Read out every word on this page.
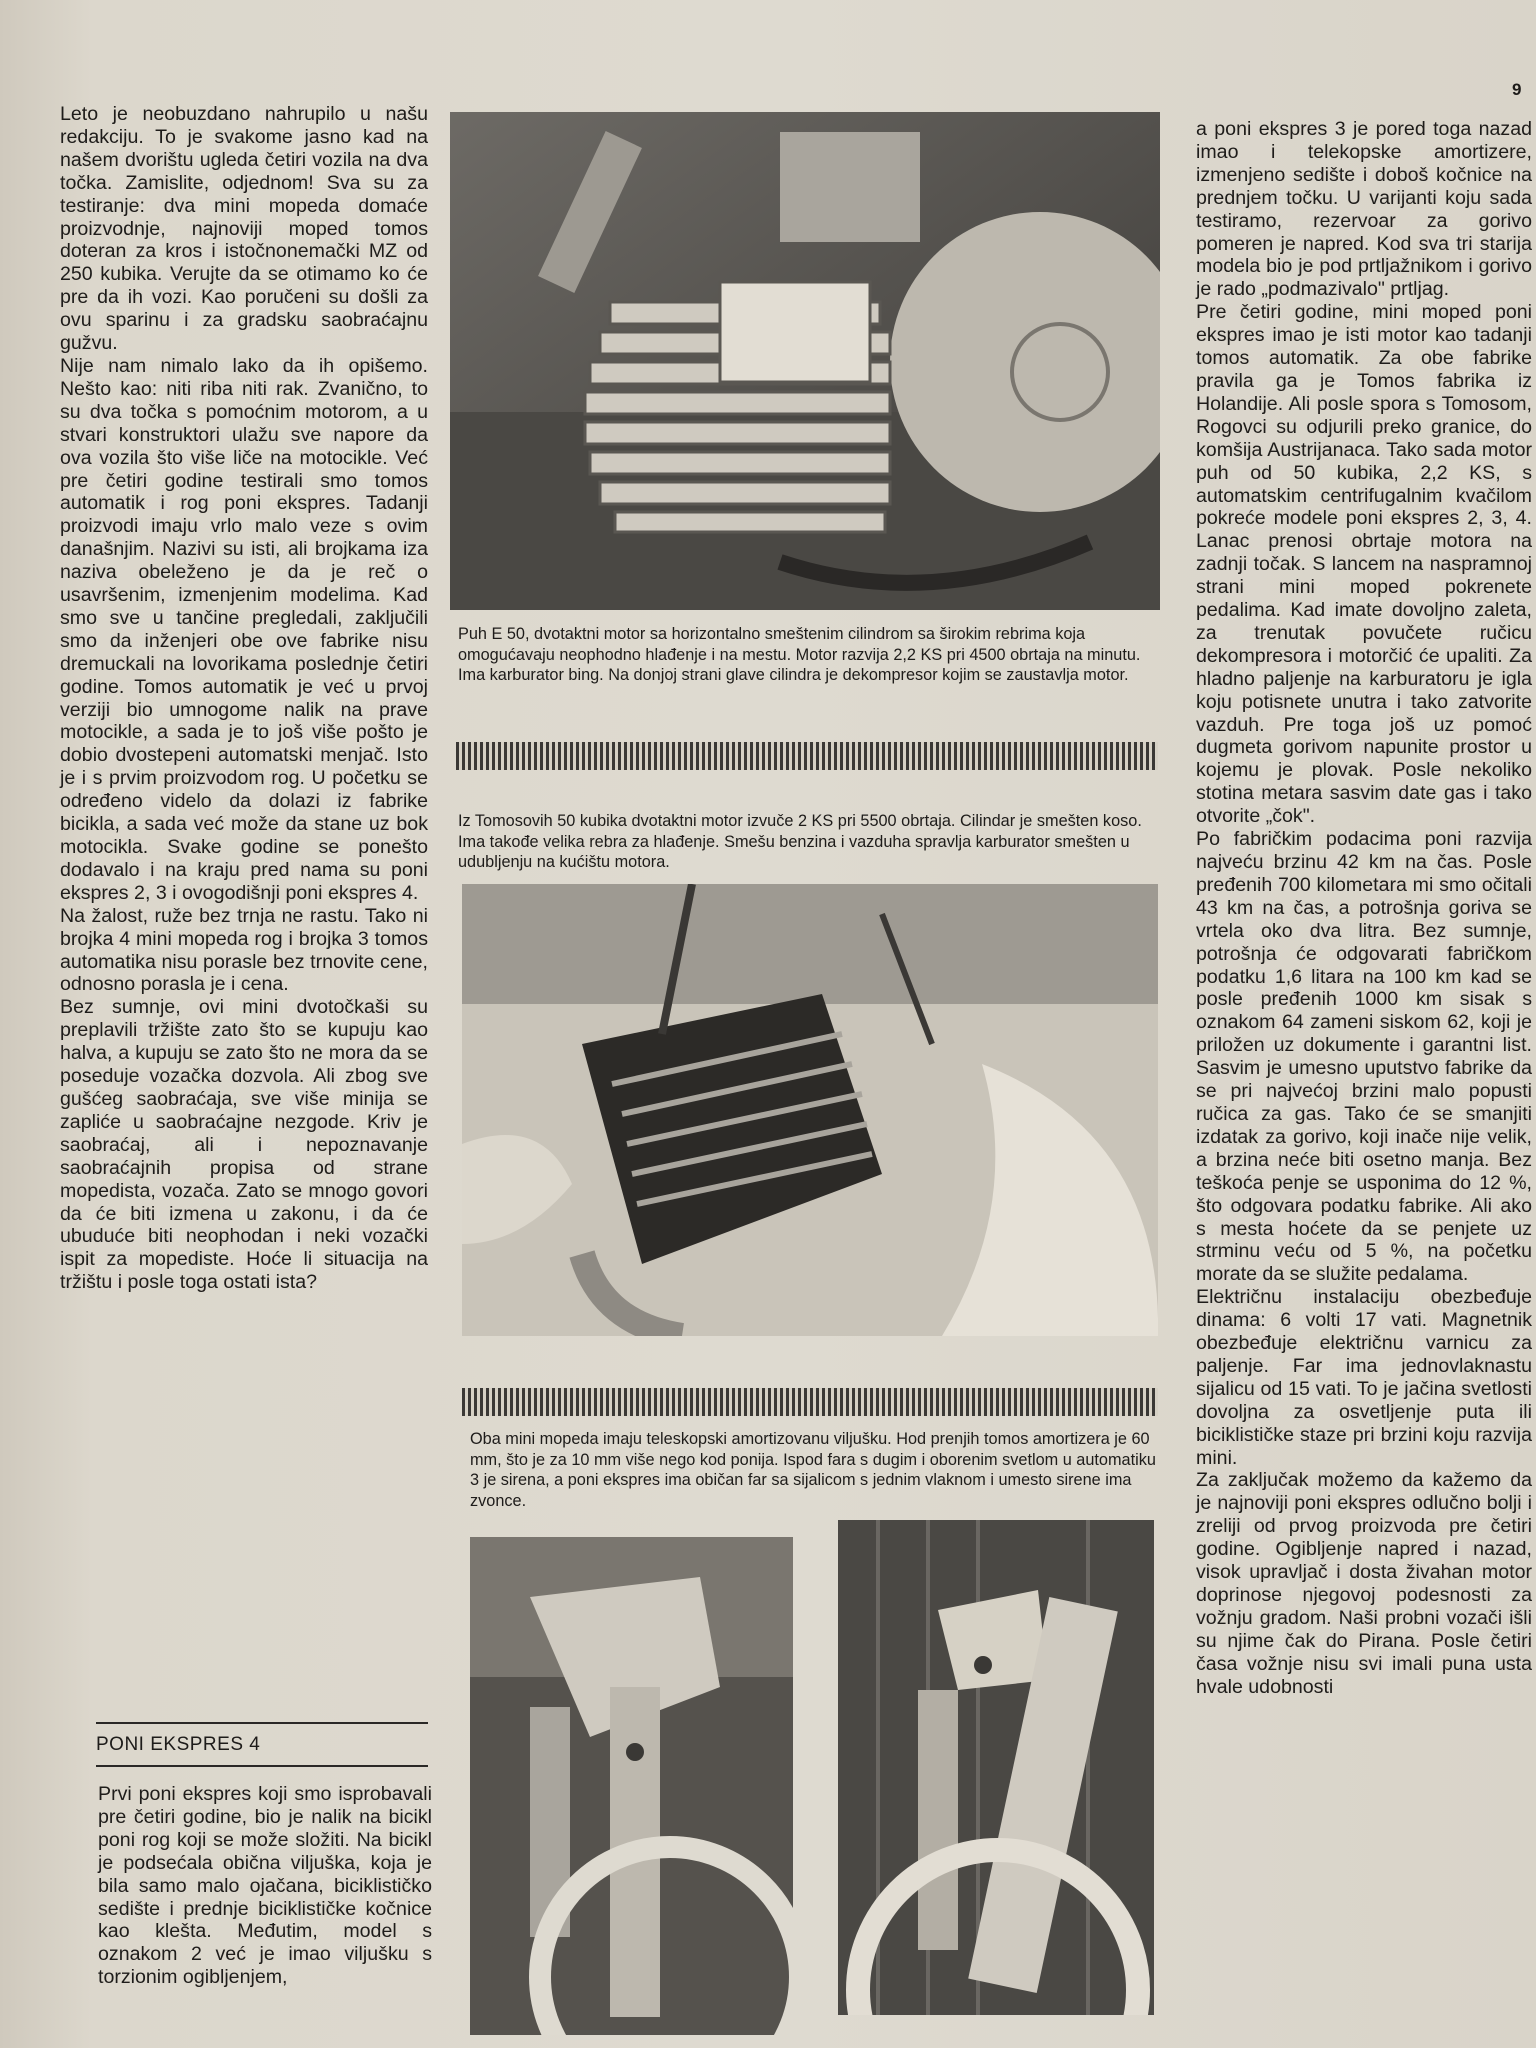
9

Leto je neobuzdano nahrupilo u našu redakciju. To je svakome jasno kad na našem dvorištu ugleda četiri vozila na dva točka. Zamislite, odjednom! Sva su za testiranje: dva mini mopeda domaće proizvodnje, najnoviji moped tomos doteran za kros i istočnonemački MZ od 250 kubika. Verujte da se otimamo ko će pre da ih vozi. Kao poručeni su došli za ovu sparinu i za gradsku saobraćajnu gužvu.

Nije nam nimalo lako da ih opišemo. Nešto kao: niti riba niti rak. Zvanično, to su dva točka s pomoćnim motorom, a u stvari konstruktori ulažu sve napore da ova vozila što više liče na motocikle. Već pre četiri godine testirali smo tomos automatik i rog poni ekspres. Tadanji proizvodi imaju vrlo malo veze s ovim današnjim. Nazivi su isti, ali brojkama iza naziva obeleženo je da je reč o usavršenim, izmenjenim modelima. Kad smo sve u tančine pregledali, zaključili smo da inženjeri obe ove fabrike nisu dremuckali na lovorikama poslednje četiri godine. Tomos automatik je već u prvoj verziji bio umnogome nalik na prave motocikle, a sada je to još više pošto je dobio dvostepeni automatski menjač. Isto je i s prvim proizvodom rog. U početku se određeno videlo da dolazi iz fabrike bicikla, a sada već može da stane uz bok motocikla. Svake godine se ponešto dodavalo i na kraju pred nama su poni ekspres 2, 3 i ovogodišnji poni ekspres 4.

Na žalost, ruže bez trnja ne rastu. Tako ni brojka 4 mini mopeda rog i brojka 3 tomos automatika nisu porasle bez trnovite cene, odnosno porasla je i cena.

Bez sumnje, ovi mini dvotočkaši su preplavili tržište zato što se kupuju kao halva, a kupuju se zato što ne mora da se poseduje vozačka dozvola. Ali zbog sve gušćeg saobraćaja, sve više minija se zapliće u saobraćajne nezgode. Kriv je saobraćaj, ali i nepoznavanje saobraćajnih propisa od strane mopedista, vozača. Zato se mnogo govori da će biti izmena u zakonu, i da će ubuduće biti neophodan i neki vozački ispit za mopediste. Hoće li situacija na tržištu i posle toga ostati ista?

PONI EKSPRES 4

Prvi poni ekspres koji smo isprobavali pre četiri godine, bio je nalik na bicikl poni rog koji se može složiti. Na bicikl je podsećala obična viljuška, koja je bila samo malo ojačana, biciklističko sedište i prednje biciklističke kočnice kao klešta. Međutim, model s oznakom 2 već je imao viljušku s torzionim ogibljenjem,

Puh E 50, dvotaktni motor sa horizontalno smeštenim cilindrom sa širokim rebrima koja omogućavaju neophodno hlađenje i na mestu. Motor razvija 2,2 KS pri 4500 obrtaja na minutu. Ima karburator bing. Na donjoj strani glave cilindra je dekompresor kojim se zaustavlja motor.
Iz Tomosovih 50 kubika dvotaktni motor izvuče 2 KS pri 5500 obrtaja. Cilindar je smešten koso. Ima takođe velika rebra za hlađenje. Smešu benzina i vazduha spravlja karburator smešten u udubljenju na kućištu motora.
Oba mini mopeda imaju teleskopski amortizovanu viljušku. Hod prenjih tomos amortizera je 60 mm, što je za 10 mm više nego kod ponija. Ispod fara s dugim i oborenim svetlom u automatiku 3 je sirena, a poni ekspres ima običan far sa sijalicom s jednim vlaknom i umesto sirene ima zvonce.

a poni ekspres 3 je pored toga nazad imao i telekopske amortizere, izmenjeno sedište i doboš kočnice na prednjem točku. U varijanti koju sada testiramo, rezervoar za gorivo pomeren je napred. Kod sva tri starija modela bio je pod prtljažnikom i gorivo je rado „podmazivalo" prtljag.

Pre četiri godine, mini moped poni ekspres imao je isti motor kao tadanji tomos automatik. Za obe fabrike pravila ga je Tomos fabrika iz Holandije. Ali posle spora s Tomosom, Rogovci su odjurili preko granice, do komšija Austrijanaca. Tako sada motor puh od 50 kubika, 2,2 KS, s automatskim centrifugalnim kvačilom pokreće modele poni ekspres 2, 3, 4. Lanac prenosi obrtaje motora na zadnji točak. S lancem na naspramnoj strani mini moped pokrenete pedalima. Kad imate dovoljno zaleta, za trenutak povučete ručicu dekompresora i motorčić će upaliti. Za hladno paljenje na karburatoru je igla koju potisnete unutra i tako zatvorite vazduh. Pre toga još uz pomoć dugmeta gorivom napunite prostor u kojemu je plovak. Posle nekoliko stotina metara sasvim date gas i tako otvorite „čok".

Po fabričkim podacima poni razvija najveću brzinu 42 km na čas. Posle pređenih 700 kilometara mi smo očitali 43 km na čas, a potrošnja goriva se vrtela oko dva litra. Bez sumnje, potrošnja će odgovarati fabričkom podatku 1,6 litara na 100 km kad se posle pređenih 1000 km sisak s oznakom 64 zameni siskom 62, koji je priložen uz dokumente i garantni list. Sasvim je umesno uputstvo fabrike da se pri najvećoj brzini malo popusti ručica za gas. Tako će se smanjiti izdatak za gorivo, koji inače nije velik, a brzina neće biti osetno manja. Bez teškoća penje se usponima do 12 %, što odgovara podatku fabrike. Ali ako s mesta hoćete da se penjete uz strminu veću od 5 %, na početku morate da se služite pedalama.

Električnu instalaciju obezbeđuje dinama: 6 volti 17 vati. Magnetnik obezbeđuje električnu varnicu za paljenje. Far ima jednovlaknastu sijalicu od 15 vati. To je jačina svetlosti dovoljna za osvetljenje puta ili biciklističke staze pri brzini koju razvija mini.

Za zaključak možemo da kažemo da je najnoviji poni ekspres odlučno bolji i zreliji od prvog proizvoda pre četiri godine. Ogibljenje napred i nazad, visok upravljač i dosta živahan motor doprinose njegovoj podesnosti za vožnju gradom. Naši probni vozači išli su njime čak do Pirana. Posle četiri časa vožnje nisu svi imali puna usta hvale udobnosti
